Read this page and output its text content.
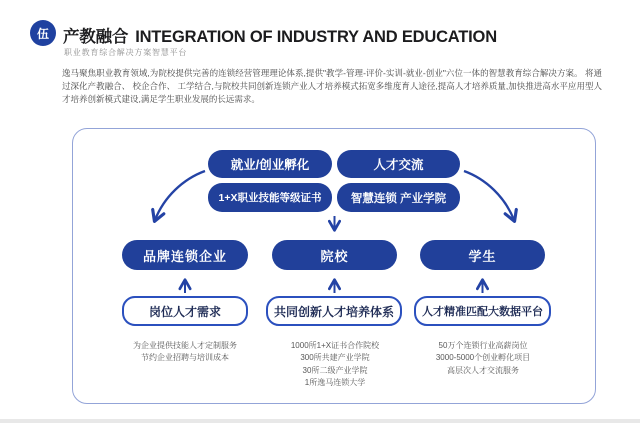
伍 产教融合 INTEGRATION OF INDUSTRY AND EDUCATION
职业教育综合解决方案智慧平台
逸马聚焦职业教育领域,为院校提供完善的连锁经营管理理论体系,提供"教学-管理-评价-实训-就业-创业"六位一体的智慧教育综合解决方案。 将通过深化产教融合、 校企合作、 工学结合,与院校共同创新连锁产业人才培养模式拓宽多维度育人途径,提高人才培养质量,加快推进高水平应用型人才培养创新模式建设,满足学生职业发展的长远需求。
就业/创业孵化	人才交流
1+X职业技能等级证书	智慧连锁 产业学院
品牌连锁企业	院校	学生
岗位人才需求	共同创新人才培养体系	人才精准匹配大数据平台
为企业提供技能人才定制服务
节约企业招聘与培训成本
1000所1+X证书合作院校
300所共建产业学院
30所二级产业学院
1所逸马连锁大学
50万个连锁行业高薪岗位
3000-5000个创业孵化项目
高层次人才交流服务
